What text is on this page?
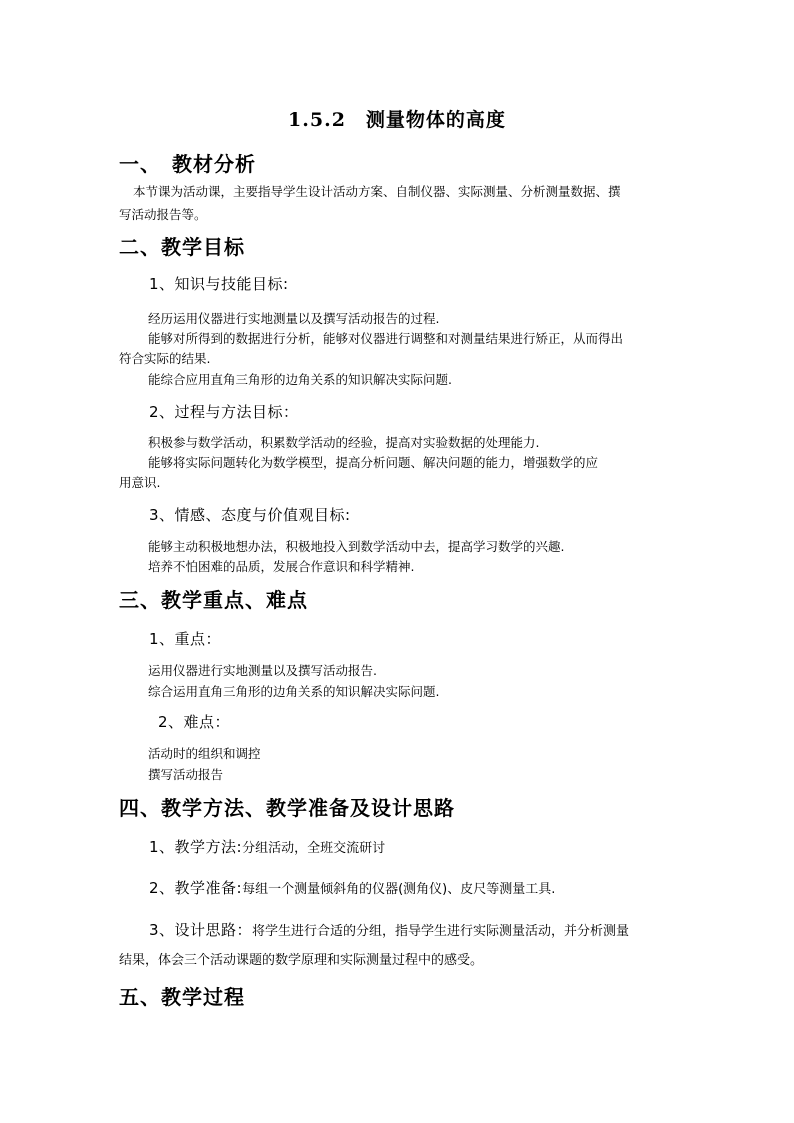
1.5.2　测量物体的高度
一、　教材分析
本节课为活动课，主要指导学生设计活动方案、自制仪器、实际测量、分析测量数据、撰
写活动报告等。
二、教学目标
1、知识与技能目标:
经历运用仪器进行实地测量以及撰写活动报告的过程.
能够对所得到的数据进行分析，能够对仪器进行调整和对测量结果进行矫正，从而得出
符合实际的结果.
能综合应用直角三角形的边角关系的知识解决实际问题.
2、过程与方法目标：
积极参与数学活动，积累数学活动的经验，提高对实验数据的处理能力.
能够将实际问题转化为数学模型，提高分析问题、解决问题的能力，增强数学的应
用意识.
3、情感、态度与价值观目标:
能够主动积极地想办法，积极地投入到数学活动中去，提高学习数学的兴趣.
培养不怕困难的品质，发展合作意识和科学精神.
三、教学重点、难点
1、重点：
运用仪器进行实地测量以及撰写活动报告.
综合运用直角三角形的边角关系的知识解决实际问题.
2、难点：
活动时的组织和调控
撰写活动报告
四、教学方法、教学准备及设计思路
1、教学方法:分组活动，全班交流研讨
2、教学准备:每组一个测量倾斜角的仪器(测角仪)、皮尺等测量工具.
3、设计思路：将学生进行合适的分组，指导学生进行实际测量活动，并分析测量
结果，体会三个活动课题的数学原理和实际测量过程中的感受。
五、教学过程
